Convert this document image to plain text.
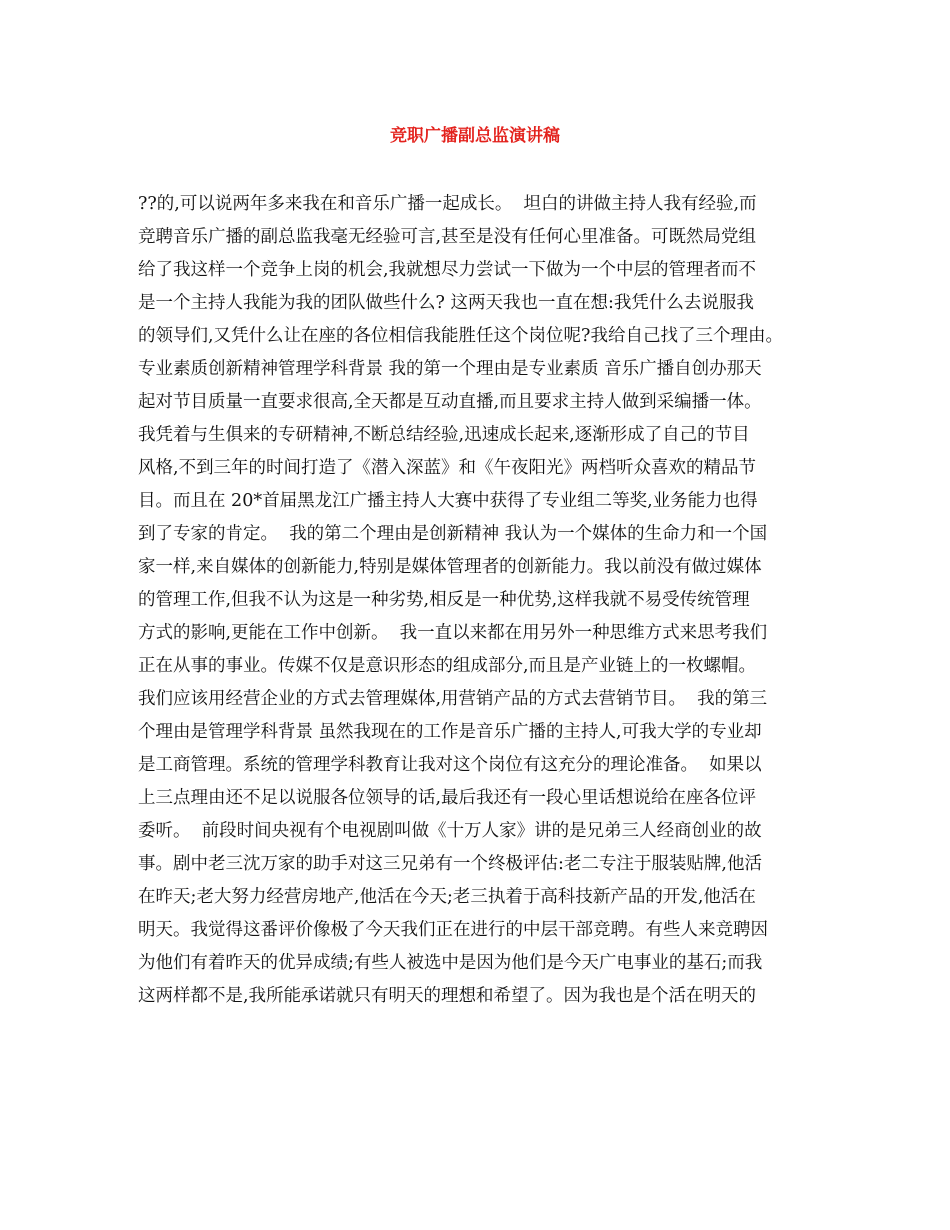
竞职广播副总监演讲稿
??的,可以说两年多来我在和音乐广播一起成长。  坦白的讲做主持人我有经验,而
竞聘音乐广播的副总监我毫无经验可言,甚至是没有任何心里准备。可既然局党组
给了我这样一个竞争上岗的机会,我就想尽力尝试一下做为一个中层的管理者而不
是一个主持人我能为我的团队做些什么? 这两天我也一直在想:我凭什么去说服我
的领导们,又凭什么让在座的各位相信我能胜任这个岗位呢?我给自己找了三个理由。
专业素质创新精神管理学科背景 我的第一个理由是专业素质 音乐广播自创办那天
起对节目质量一直要求很高,全天都是互动直播,而且要求主持人做到采编播一体。
我凭着与生俱来的专研精神,不断总结经验,迅速成长起来,逐渐形成了自己的节目
风格,不到三年的时间打造了《潜入深蓝》和《午夜阳光》两档听众喜欢的精品节
目。而且在 20*首届黑龙江广播主持人大赛中获得了专业组二等奖,业务能力也得
到了专家的肯定。  我的第二个理由是创新精神 我认为一个媒体的生命力和一个国
家一样,来自媒体的创新能力,特别是媒体管理者的创新能力。我以前没有做过媒体
的管理工作,但我不认为这是一种劣势,相反是一种优势,这样我就不易受传统管理
方式的影响,更能在工作中创新。  我一直以来都在用另外一种思维方式来思考我们
正在从事的事业。传媒不仅是意识形态的组成部分,而且是产业链上的一枚螺帽。
我们应该用经营企业的方式去管理媒体,用营销产品的方式去营销节目。  我的第三
个理由是管理学科背景 虽然我现在的工作是音乐广播的主持人,可我大学的专业却
是工商管理。系统的管理学科教育让我对这个岗位有这充分的理论准备。  如果以
上三点理由还不足以说服各位领导的话,最后我还有一段心里话想说给在座各位评
委听。  前段时间央视有个电视剧叫做《十万人家》讲的是兄弟三人经商创业的故
事。剧中老三沈万家的助手对这三兄弟有一个终极评估:老二专注于服装贴牌,他活
在昨天;老大努力经营房地产,他活在今天;老三执着于高科技新产品的开发,他活在
明天。我觉得这番评价像极了今天我们正在进行的中层干部竞聘。有些人来竞聘因
为他们有着昨天的优异成绩;有些人被选中是因为他们是今天广电事业的基石;而我
这两样都不是,我所能承诺就只有明天的理想和希望了。因为我也是个活在明天的
